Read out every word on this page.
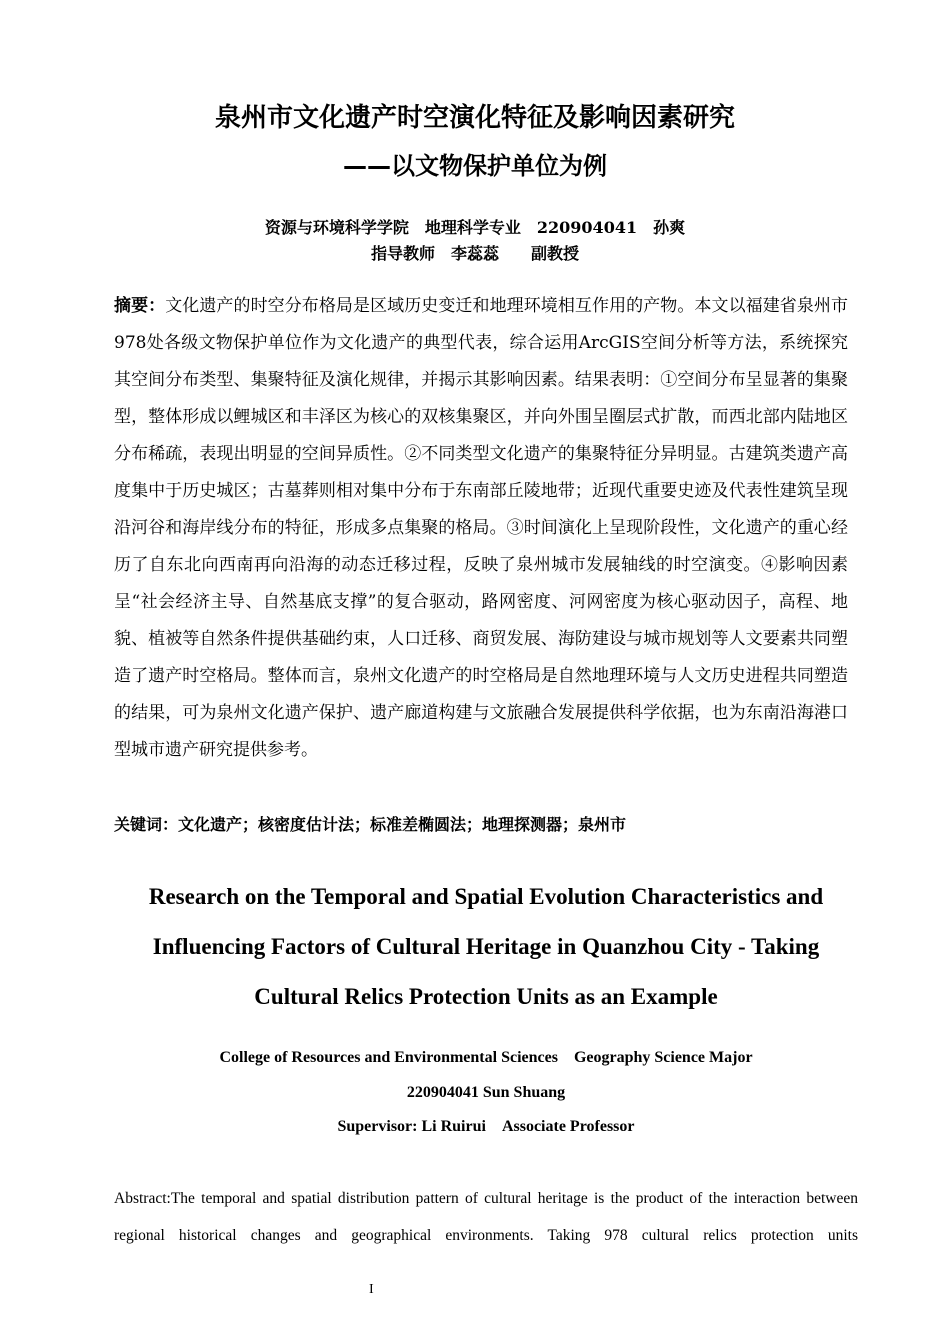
泉州市文化遗产时空演化特征及影响因素研究
——以文物保护单位为例
资源与环境科学学院　地理科学专业　220904041　孙爽
指导教师　李蕊蕊　　副教授

摘要：文化遗产的时空分布格局是区域历史变迁和地理环境相互作用的产物。本文以福建省泉州市978处各级文物保护单位作为文化遗产的典型代表，综合运用ArcGIS空间分析等方法，系统探究其空间分布类型、集聚特征及演化规律，并揭示其影响因素。结果表明：①空间分布呈显著的集聚型，整体形成以鲤城区和丰泽区为核心的双核集聚区，并向外围呈圈层式扩散，而西北部内陆地区分布稀疏，表现出明显的空间异质性。②不同类型文化遗产的集聚特征分异明显。古建筑类遗产高度集中于历史城区；古墓葬则相对集中分布于东南部丘陵地带；近现代重要史迹及代表性建筑呈现沿河谷和海岸线分布的特征，形成多点集聚的格局。③时间演化上呈现阶段性，文化遗产的重心经历了自东北向西南再向沿海的动态迁移过程，反映了泉州城市发展轴线的时空演变。④影响因素呈“社会经济主导、自然基底支撑”的复合驱动，路网密度、河网密度为核心驱动因子，高程、地貌、植被等自然条件提供基础约束，人口迁移、商贸发展、海防建设与城市规划等人文要素共同塑造了遗产时空格局。整体而言，泉州文化遗产的时空格局是自然地理环境与人文历史进程共同塑造的结果，可为泉州文化遗产保护、遗产廊道构建与文旅融合发展提供科学依据，也为东南沿海港口型城市遗产研究提供参考。

关键词：文化遗产；核密度估计法；标准差椭圆法；地理探测器；泉州市

Research on the Temporal and Spatial Evolution Characteristics and Influencing Factors of Cultural Heritage in Quanzhou City - Taking Cultural Relics Protection Units as an Example
College of Resources and Environmental Sciences　Geography Science Major
220904041 Sun Shuang
Supervisor: Li Ruirui　Associate Professor

Abstract:The temporal and spatial distribution pattern of cultural heritage is the product of the interaction between regional historical changes and geographical environments. Taking 978 cultural relics protection units

I
